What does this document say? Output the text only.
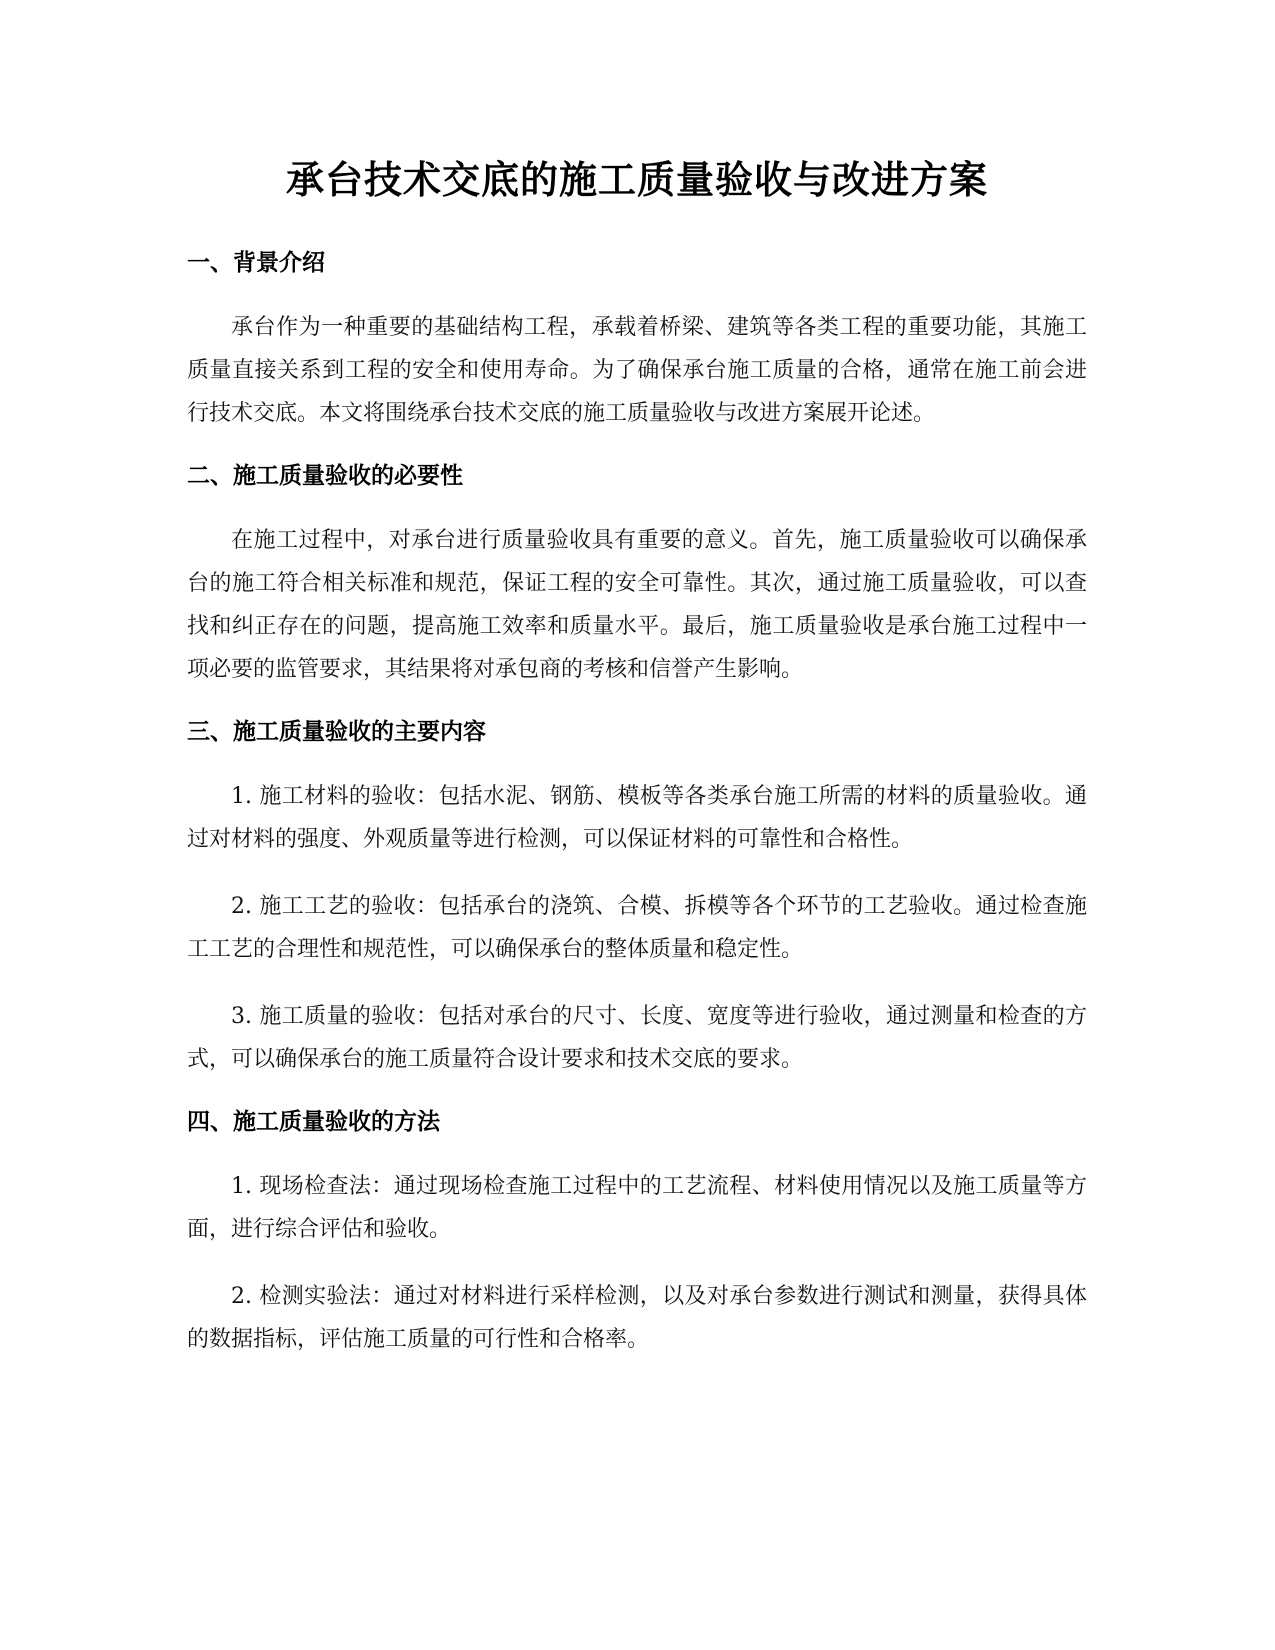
承台技术交底的施工质量验收与改进方案
一、背景介绍

承台作为一种重要的基础结构工程，承载着桥梁、建筑等各类工程的重要功能，其施工质量直接关系到工程的安全和使用寿命。为了确保承台施工质量的合格，通常在施工前会进行技术交底。本文将围绕承台技术交底的施工质量验收与改进方案展开论述。

二、施工质量验收的必要性

在施工过程中，对承台进行质量验收具有重要的意义。首先，施工质量验收可以确保承台的施工符合相关标准和规范，保证工程的安全可靠性。其次，通过施工质量验收，可以查找和纠正存在的问题，提高施工效率和质量水平。最后，施工质量验收是承台施工过程中一项必要的监管要求，其结果将对承包商的考核和信誉产生影响。

三、施工质量验收的主要内容

1. 施工材料的验收：包括水泥、钢筋、模板等各类承台施工所需的材料的质量验收。通过对材料的强度、外观质量等进行检测，可以保证材料的可靠性和合格性。

2. 施工工艺的验收：包括承台的浇筑、合模、拆模等各个环节的工艺验收。通过检查施工工艺的合理性和规范性，可以确保承台的整体质量和稳定性。

3. 施工质量的验收：包括对承台的尺寸、长度、宽度等进行验收，通过测量和检查的方式，可以确保承台的施工质量符合设计要求和技术交底的要求。

四、施工质量验收的方法

1. 现场检查法：通过现场检查施工过程中的工艺流程、材料使用情况以及施工质量等方面，进行综合评估和验收。

2. 检测实验法：通过对材料进行采样检测，以及对承台参数进行测试和测量，获得具体的数据指标，评估施工质量的可行性和合格率。
